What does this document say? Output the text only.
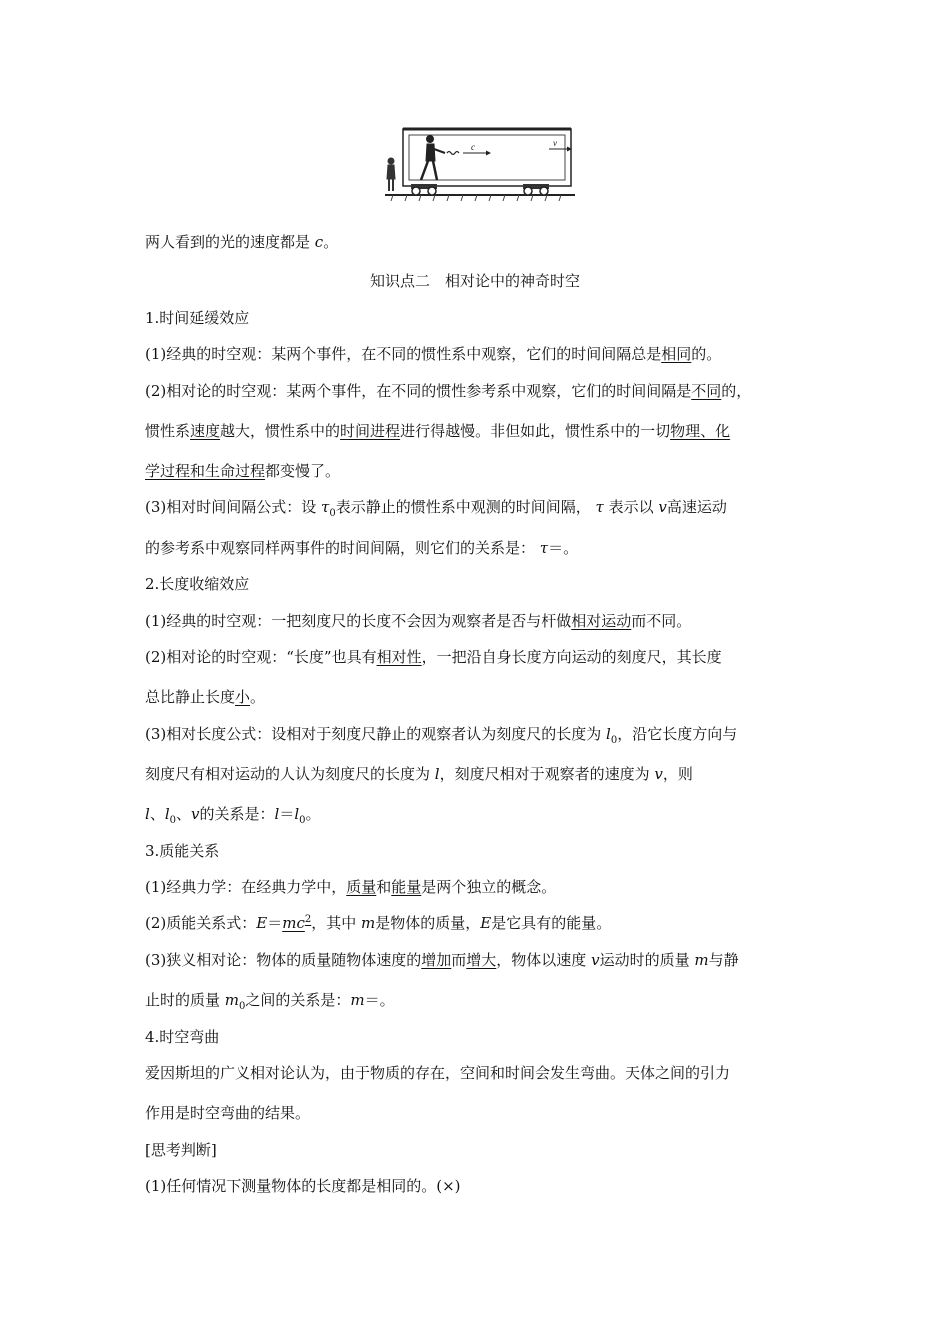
c	v
两人看到的光的速度都是 c。
知识点二　相对论中的神奇时空
1.时间延缓效应
(1)经典的时空观：某两个事件，在不同的惯性系中观察，它们的时间间隔总是相同的。
(2)相对论的时空观：某两个事件，在不同的惯性参考系中观察，它们的时间间隔是不同的，
惯性系速度越大，惯性系中的时间进程进行得越慢。非但如此，惯性系中的一切物理、化
学过程和生命过程都变慢了。
(3)相对时间间隔公式：设 $\tau_0$表示静止的惯性系中观测的时间间隔， τ 表示以 v高速运动
的参考系中观察同样两事件的时间间隔，则它们的关系是： τ＝。
2.长度收缩效应
(1)经典的时空观：一把刻度尺的长度不会因为观察者是否与杆做相对运动而不同。
(2)相对论的时空观：“长度”也具有相对性，一把沿自身长度方向运动的刻度尺，其长度
总比静止长度小。
(3)相对长度公式：设相对于刻度尺静止的观察者认为刻度尺的长度为 $l_0$，沿它长度方向与
刻度尺有相对运动的人认为刻度尺的长度为 l，刻度尺相对于观察者的速度为 v，则
l、$l_0$、v的关系是：$l=l_0$。
3.质能关系
(1)经典力学：在经典力学中，质量和能量是两个独立的概念。
(2)质能关系式：$E=mc^2$，其中 m是物体的质量，E是它具有的能量。
(3)狭义相对论：物体的质量随物体速度的增加而增大，物体以速度 v运动时的质量 m与静
止时的质量 $m_0$之间的关系是：m＝。
4.时空弯曲
爱因斯坦的广义相对论认为，由于物质的存在，空间和时间会发生弯曲。天体之间的引力
作用是时空弯曲的结果。
[思考判断]
(1)任何情况下测量物体的长度都是相同的。(×)
